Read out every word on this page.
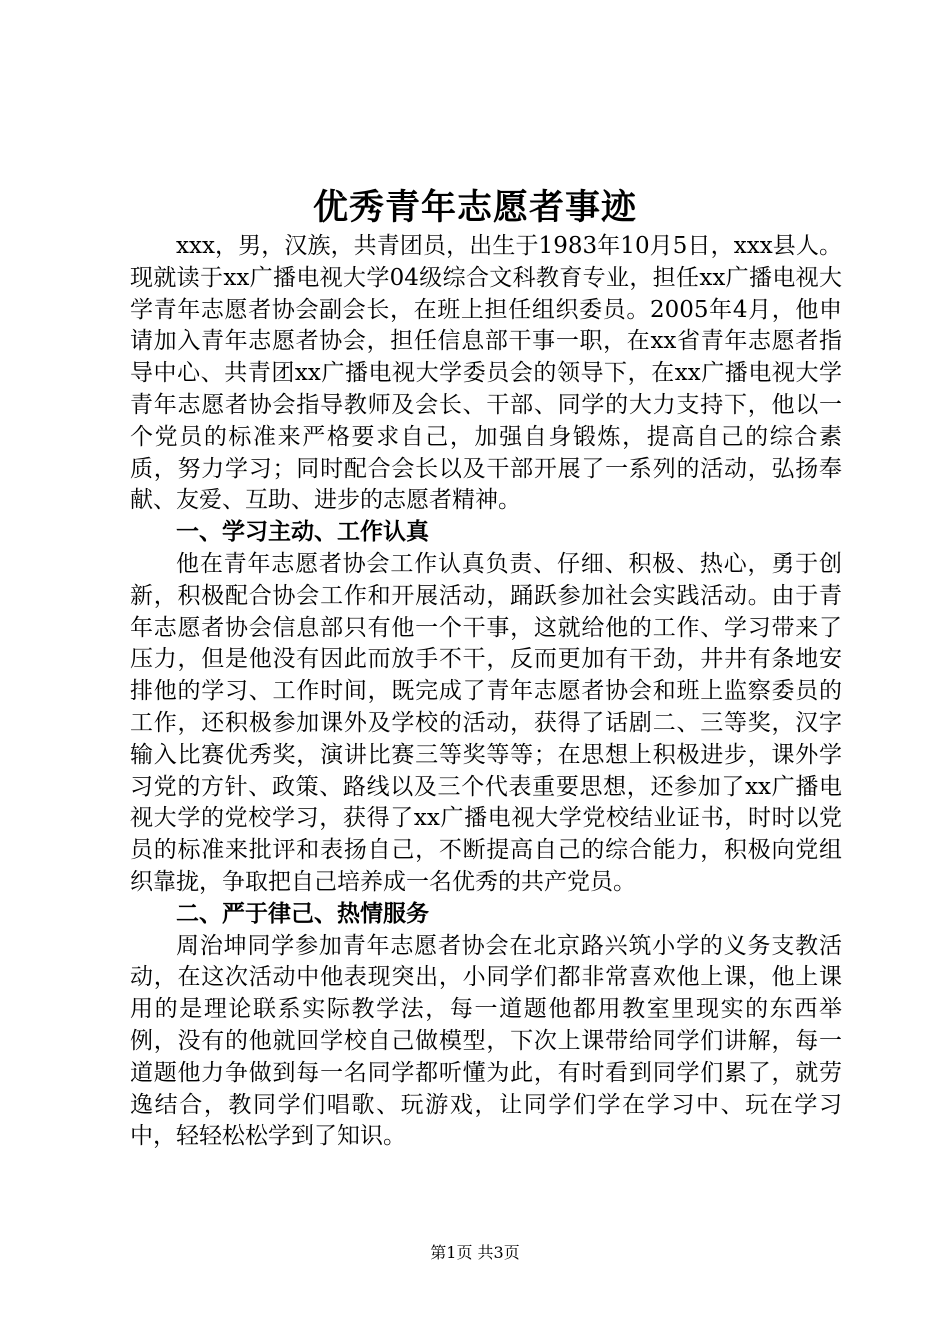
优秀青年志愿者事迹

xxx，男，汉族，共青团员，出生于1983年10月5日，xxx县人。现就读于xx广播电视大学04级综合文科教育专业，担任xx广播电视大学青年志愿者协会副会长，在班上担任组织委员。2005年4月，他申请加入青年志愿者协会，担任信息部干事一职，在xx省青年志愿者指导中心、共青团xx广播电视大学委员会的领导下，在xx广播电视大学青年志愿者协会指导教师及会长、干部、同学的大力支持下，他以一个党员的标准来严格要求自己，加强自身锻炼，提高自己的综合素质，努力学习；同时配合会长以及干部开展了一系列的活动，弘扬奉献、友爱、互助、进步的志愿者精神。

一、学习主动、工作认真

他在青年志愿者协会工作认真负责、仔细、积极、热心，勇于创新，积极配合协会工作和开展活动，踊跃参加社会实践活动。由于青年志愿者协会信息部只有他一个干事，这就给他的工作、学习带来了压力，但是他没有因此而放手不干，反而更加有干劲，井井有条地安排他的学习、工作时间，既完成了青年志愿者协会和班上监察委员的工作，还积极参加课外及学校的活动，获得了话剧二、三等奖，汉字输入比赛优秀奖，演讲比赛三等奖等等；在思想上积极进步，课外学习党的方针、政策、路线以及三个代表重要思想，还参加了xx广播电视大学的党校学习，获得了xx广播电视大学党校结业证书，时时以党员的标准来批评和表扬自己，不断提高自己的综合能力，积极向党组织靠拢，争取把自己培养成一名优秀的共产党员。

二、严于律己、热情服务

周治坤同学参加青年志愿者协会在北京路兴筑小学的义务支教活动，在这次活动中他表现突出，小同学们都非常喜欢他上课，他上课用的是理论联系实际教学法，每一道题他都用教室里现实的东西举例，没有的他就回学校自己做模型，下次上课带给同学们讲解，每一道题他力争做到每一名同学都听懂为此，有时看到同学们累了，就劳逸结合，教同学们唱歌、玩游戏，让同学们学在学习中、玩在学习中，轻轻松松学到了知识。

第1页 共3页
